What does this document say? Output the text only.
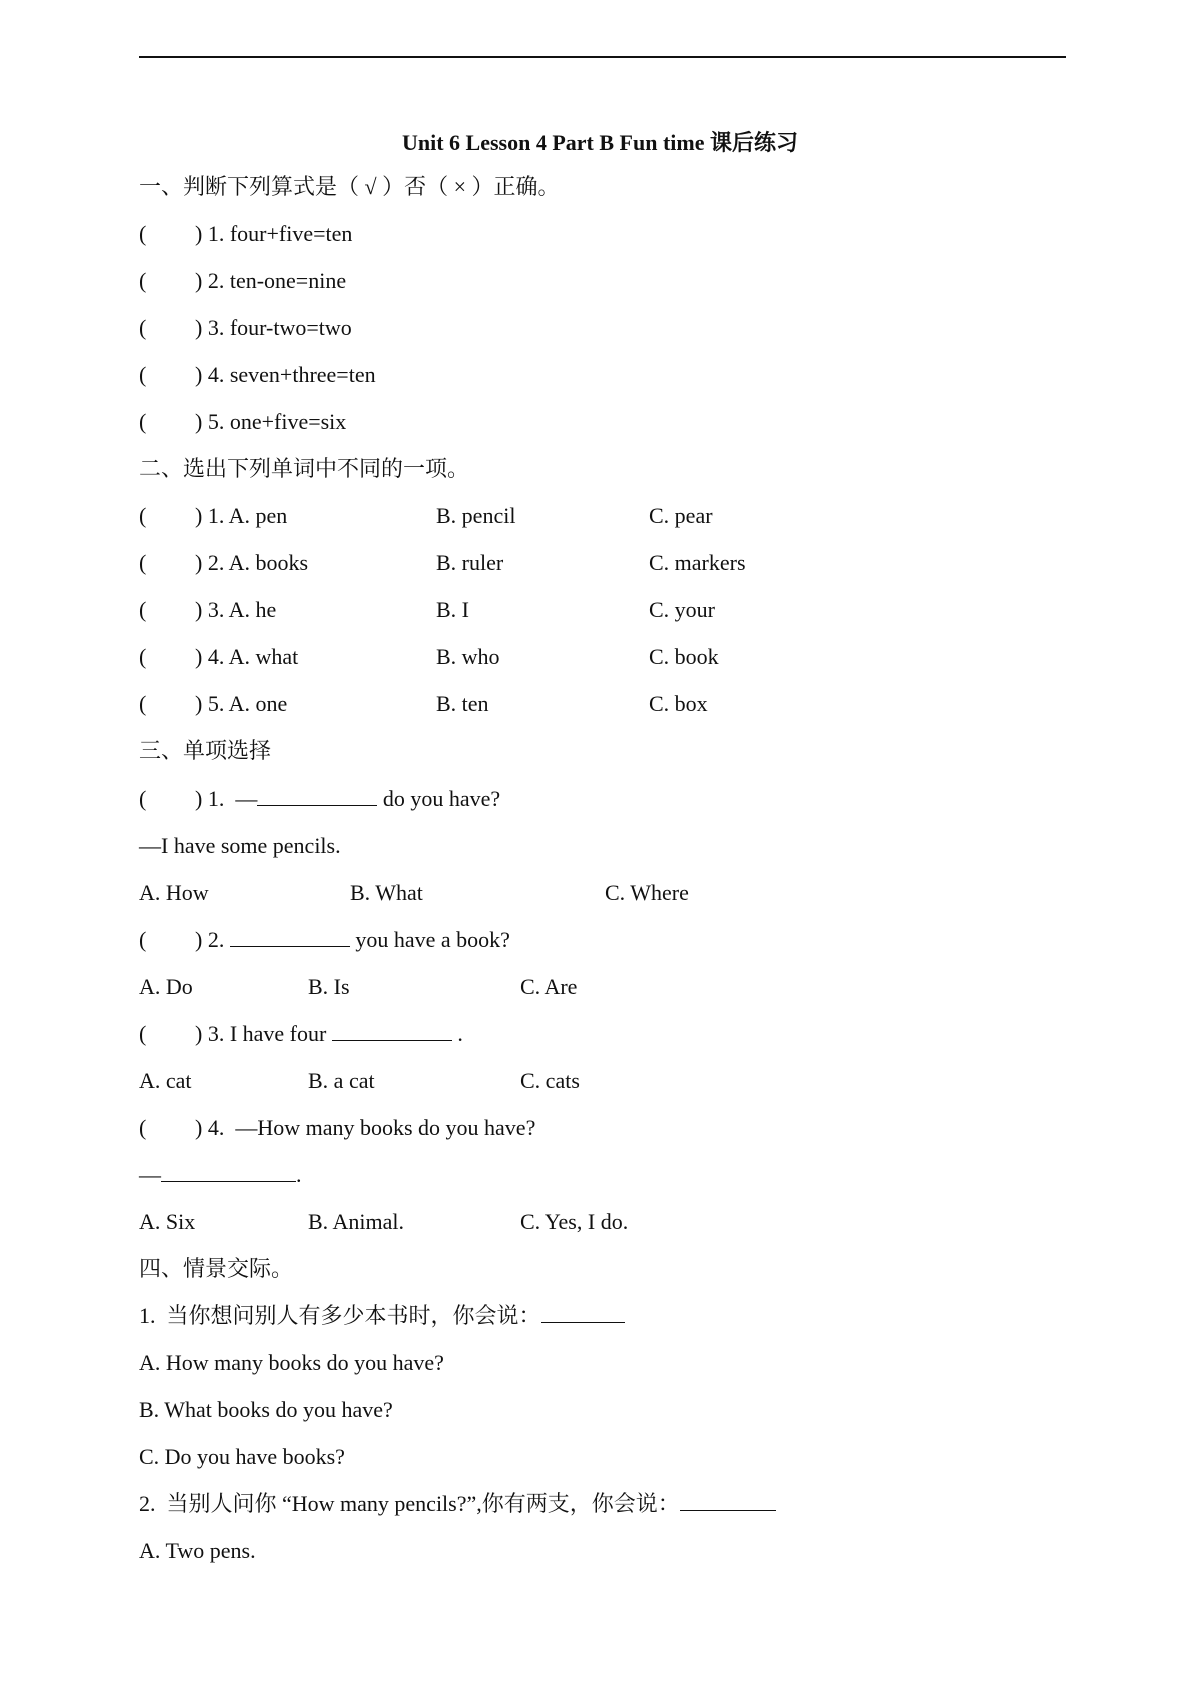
Unit 6 Lesson 4 Part B Fun time 课后练习
一、判断下列算式是（ √ ）否（ × ）正确。
( ) 1. four+five=ten
( ) 2. ten-one=nine
( ) 3. four-two=two
( ) 4. seven+three=ten
( ) 5. one+five=six
二、选出下列单词中不同的一项。
( ) 1. A. pen	B. pencil	C. pear
( ) 2. A. books	B. ruler	C. markers
( ) 3. A. he	B. I	C. your
( ) 4. A. what	B. who	C. book
( ) 5. A. one	B. ten	C. box
三、单项选择
( ) 1. —	do you have?
—I have some pencils.
A. How	B. What	C. Where
( ) 2.	you have a book?
A. Do	B. Is	C. Are
( ) 3. I have four	.
A. cat	B. a cat	C. cats
( ) 4. —How many books do you have?
—	.
A. Six	B. Animal.	C. Yes, I do.
四、情景交际。
1.  当你想问别人有多少本书时，你会说：
A. How many books do you have?
B. What books do you have?
C. Do you have books?
2.  当别人问你 “How many pencils?”,你有两支，你会说：
A. Two pens.
